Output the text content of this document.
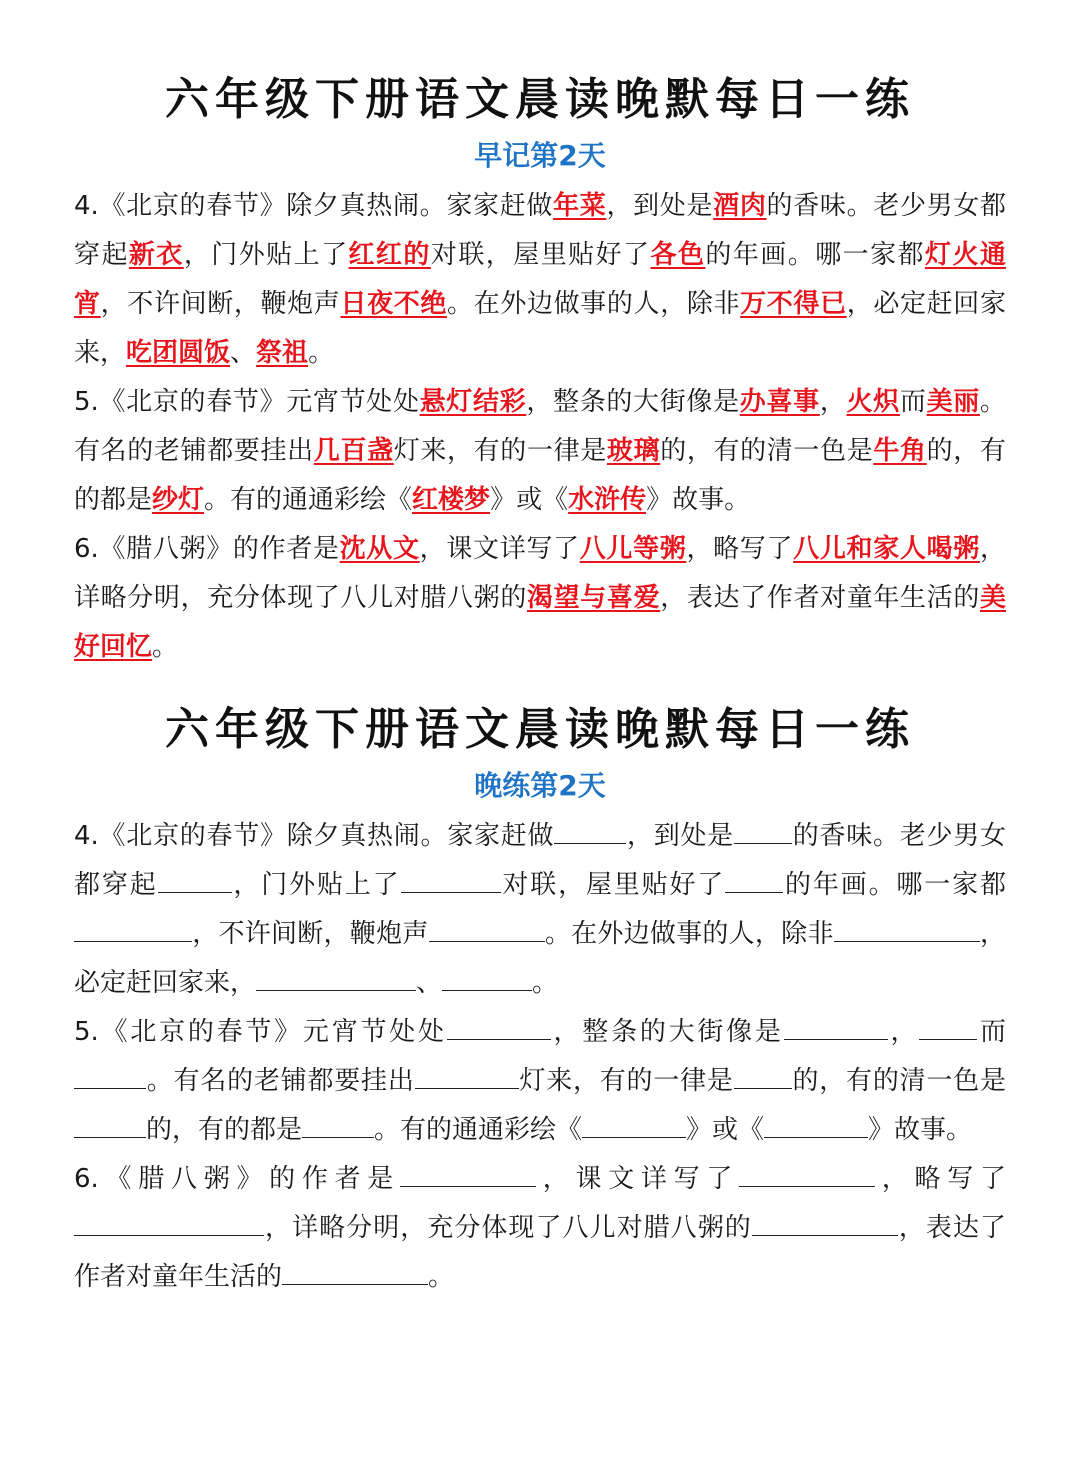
六年级下册语文晨读晚默每日一练
早记第2天

4.《北京的春节》除夕真热闹。家家赶做年菜，到处是酒肉的香味。老少男女都穿起新衣，门外贴上了红红的对联，屋里贴好了各色的年画。哪一家都灯火通宵，不许间断，鞭炮声日夜不绝。在外边做事的人，除非万不得已，必定赶回家来，吃团圆饭、祭祖。

5.《北京的春节》元宵节处处悬灯结彩，整条的大街像是办喜事，火炽而美丽。有名的老铺都要挂出几百盏灯来，有的一律是玻璃的，有的清一色是牛角的，有的都是纱灯。有的通通彩绘《红楼梦》或《水浒传》故事。

6.《腊八粥》的作者是沈从文，课文详写了八儿等粥，略写了八儿和家人喝粥，详略分明，充分体现了八儿对腊八粥的渴望与喜爱，表达了作者对童年生活的美好回忆。

六年级下册语文晨读晚默每日一练
晚练第2天

4.《北京的春节》除夕真热闹。家家赶做	，到处是 的香味。老少男女都穿起	，门外贴上了	对联，屋里贴好了 的年画。哪一家都，不许间断，鞭炮声	。在外边做事的人，除非	，必定赶回家来，	、	。

5.《北京的春节》元宵节处处	，整条的大街像是	， 而。有名的老铺都要挂出	灯来，有的一律是 的，有的清一色是的，有的都是	。有的通通彩绘《	》或《	》故事。

6.《腊八粥》的作者是	，课文详写了	，略写了，详略分明，充分体现了八儿对腊八粥的	，表达了作者对童年生活的	。
